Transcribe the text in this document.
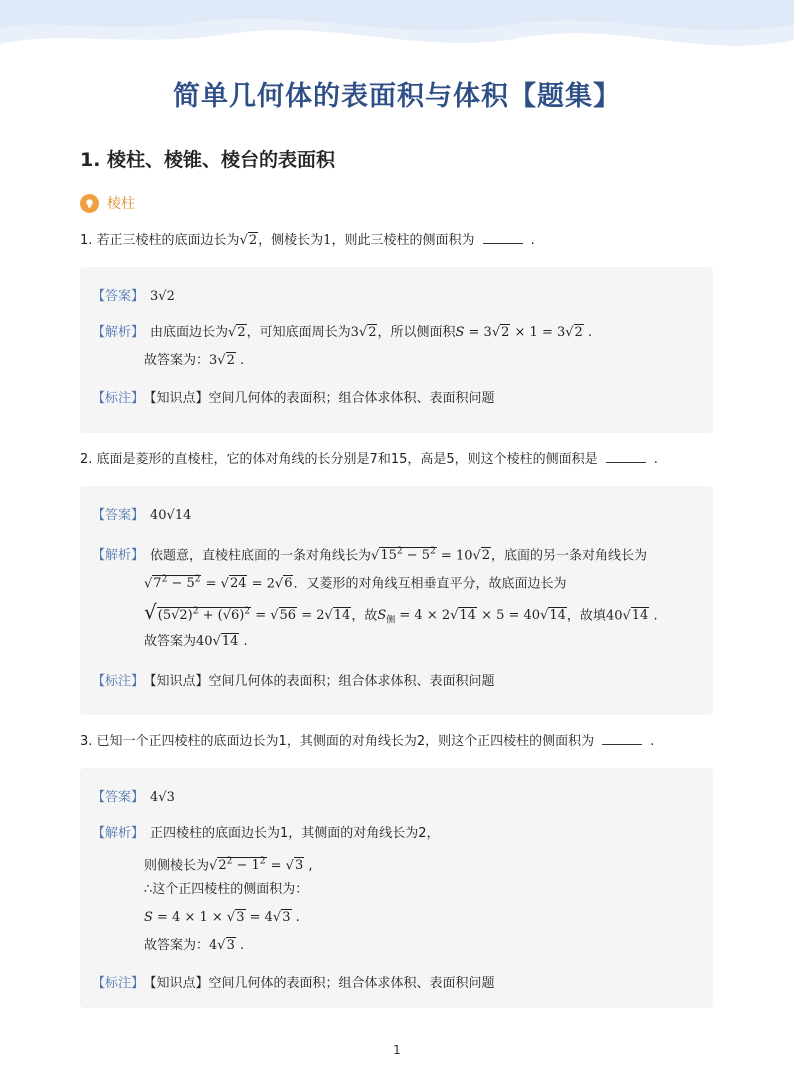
简单几何体的表面积与体积【题集】
1. 棱柱、棱锥、棱台的表面积
棱柱
1. 若正三棱柱的底面边长为√2，侧棱长为1，则此三棱柱的侧面积为	.
【答案】 3√2
【解析】 由底面边长为√2，可知底面周长为3√2，所以侧面积S = 3√2 × 1 = 3√2 .
故答案为：3√2 .
【标注】 【知识点】空间几何体的表面积；组合体求体积、表面积问题
2. 底面是菱形的直棱柱，它的体对角线的长分别是7和15，高是5，则这个棱柱的侧面积是	.
【答案】 40√14
【解析】 依题意，直棱柱底面的一条对角线长为$√15^2 - 5^2 = 10√2$，底面的另一条对角线长为
$√7^2 - 5^2 = √24 = 2√6$．又菱形的对角线互相垂直平分，故底面边长为
$√(5√2)^2 + (√6)^2 = √56 = 2√14$，故$S_侧 = 4 \times 2√14 \times 5 = 40√14$，故填40√14 .
故答案为40√14 .
【标注】 【知识点】空间几何体的表面积；组合体求体积、表面积问题
3. 已知一个正四棱柱的底面边长为1，其侧面的对角线长为2，则这个正四棱柱的侧面积为	.
【答案】 4√3
【解析】 正四棱柱的底面边长为1，其侧面的对角线长为2，
则侧棱长为$√2^2 - 1^2 = √3$ ,
∴这个正四棱柱的侧面积为：
S = 4 × 1 × √3 = 4√3 .
故答案为：4√3 .
【标注】 【知识点】空间几何体的表面积；组合体求体积、表面积问题
1
